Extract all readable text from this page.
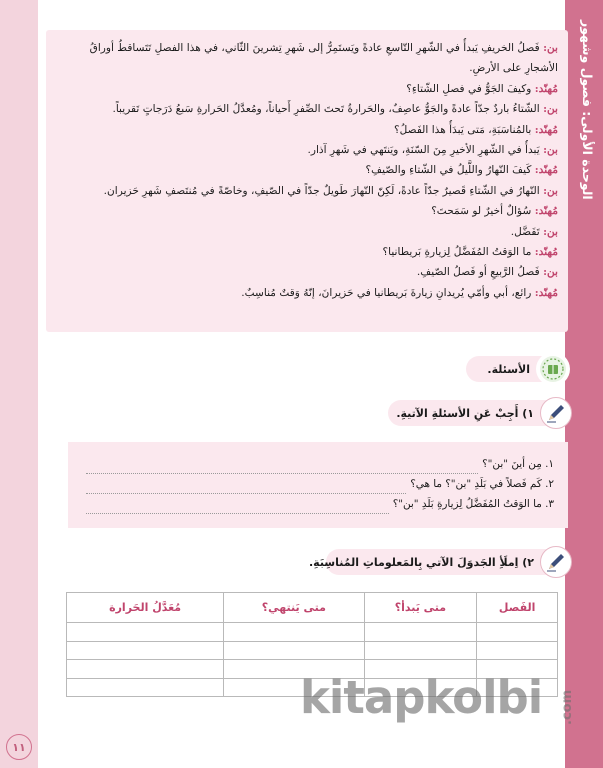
الوحدة الأولى: فصول وشهور
١١

بن: فَصلُ الخريفِ يَبدأُ في الشّهرِ التّاسعِ عادةً ويَستَمِرُّ إلى شَهرِ تِشرينَ الثّاني، في هذا الفصلِ تَتَساقطُ أوراقُ الأشجارِ على الأرضِ.

مُهنّد: وكيفَ الجَوُّ في فصلِ الشّتاءِ؟

بن: الشّتاءُ باردٌ جدّاً عادةً والجَوُّ عاصِفٌ، والحَرارةُ تَحتَ الصِّفرِ أَحياناً، ومُعدَّلُ الحَرارةِ سَبعُ دَرَجاتٍ تَقريباً.

مُهنّد: بالمُناسَبَةِ، مَتى يَبدَأُ هذا الفَصلُ؟

بن: يَبدأُ في الشّهرِ الأخيرِ مِنَ السّنَةِ، ويَنتَهي في شَهرِ آذار.

مُهنّد: كَيفَ النّهارُ واللَّيلُ في الشّتاءِ والصّيفِ؟

بن: النّهارُ في الشّتاءِ قَصيرٌ جدّاً عادةً، لَكِنّ النّهارَ طَويلٌ جدّاً في الصّيفِ، وخاصّةً في مُنتَصفِ شَهرِ حَزيران.

مُهنّد: سُؤالٌ أخيرٌ لو سَمَحتَ؟

بن: تَفَضَّل.

مُهنّد: ما الوَقتُ المُفَضَّلُ لِزيارةِ بَريطانيا؟

بن: فَصلُ الرَّبيعِ أو فَصلُ الصّيفِ.

مُهنّد: رائع، أبي وأمّي يُريدانِ زيارةَ بَريطانيا في حَزيرانَ، إنّهُ وَقتٌ مُناسِبٌ.

الأسئلة.
١) أَجِبْ عَنِ الأسئلةِ الآتيةِ.
١. مِن أينَ "بن"؟
٢. كَم فَصلاً في بَلَدِ "بن"؟ ما هي؟
٣. ما الوَقتُ المُفَضَّلُ لِزيارةِ بَلَدِ "بن"؟
٢) اِملَأِ الجَدوَلَ الآتي بِالمَعلوماتِ المُناسِبَةِ.
الفَصل	متى يَبدأ؟	متى يَنتهي؟	مُعَدَّلُ الحَرارة

kitapkolbi .com
